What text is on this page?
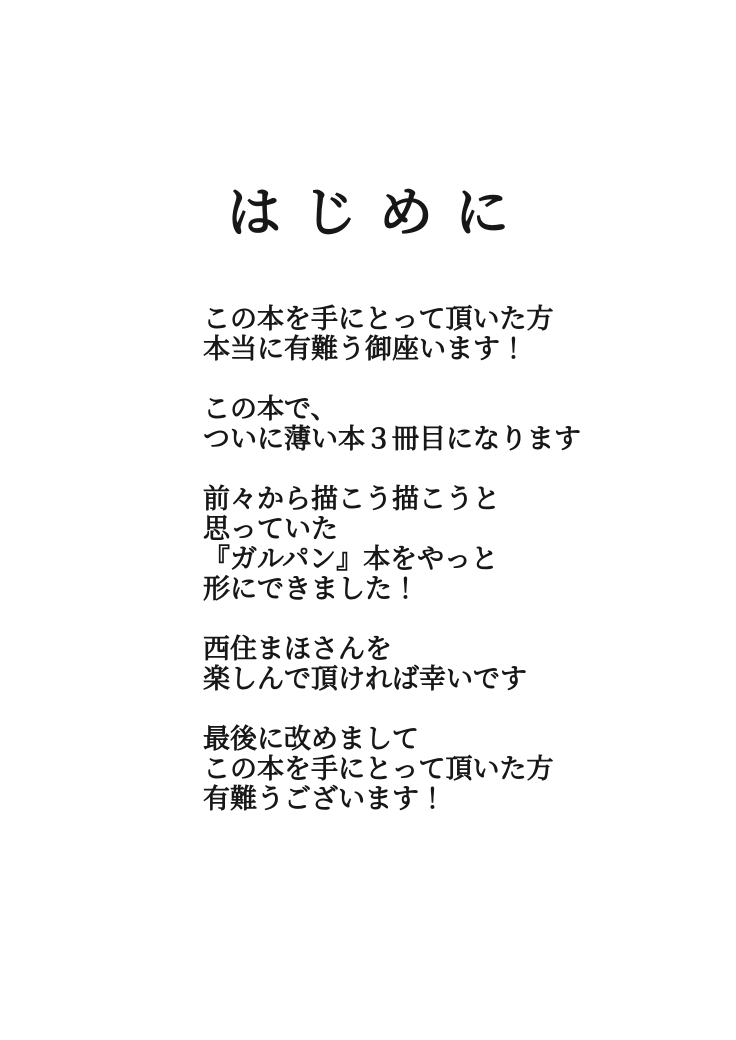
はじめに
この本を手にとって頂いた方
本当に有難う御座います！
この本で、
ついに薄い本３冊目になります
前々から描こう描こうと
思っていた
『ガルパン』本をやっと
形にできました！
西住まほさんを
楽しんで頂ければ幸いです
最後に改めまして
この本を手にとって頂いた方
有難うございます！
